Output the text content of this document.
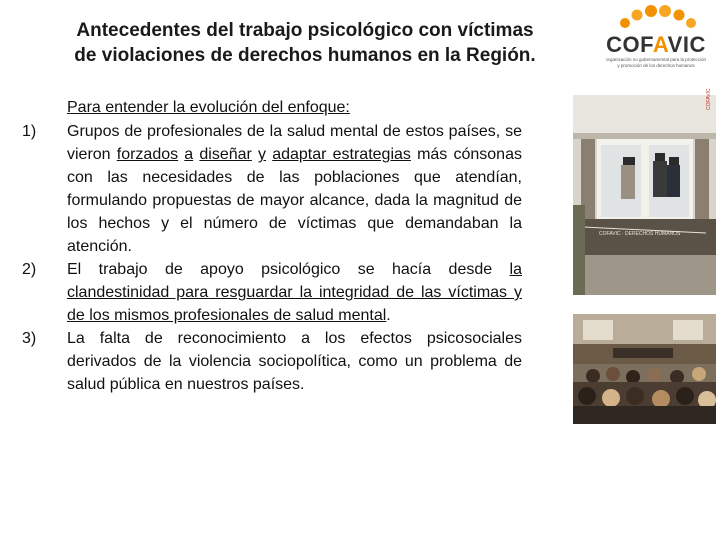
Antecedentes del trabajo psicológico con víctimas
de violaciones de derechos humanos en la Región.	COFAVIC
organización no gubernamental para la protección
y promoción de los derechos humanos
Para entender la evolución del enfoque:
1)	Grupos de profesionales de la salud mental de estos países, se vieron forzados a diseñar y adaptar estrategias más cónsonas con las necesidades de las poblaciones que atendían, formulando propuestas de mayor alcance, dada la magnitud de los hechos y el número de víctimas que demandaban la atención.
2)	El trabajo de apoyo psicológico se hacía desde la clandestinidad para resguardar la integridad de las víctimas y de los mismos profesionales de salud mental.
3)	La falta de reconocimiento a los efectos psicosociales derivados de la violencia sociopolítica, como un problema de salud pública en nuestros países.
COFAVIC · DERECHOS HUMANOS
COFAVIC
